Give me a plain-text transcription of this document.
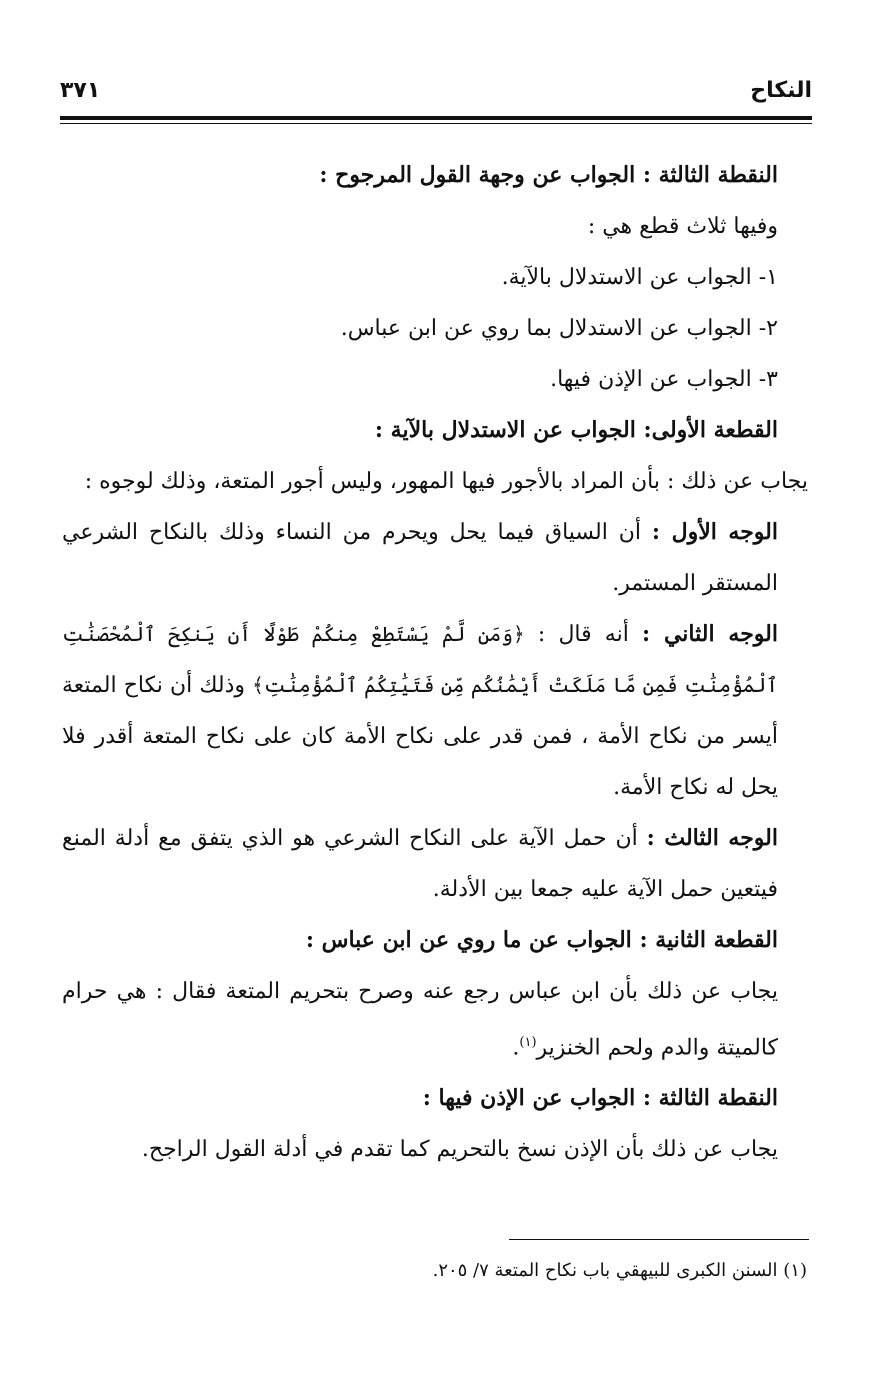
النكاح
٣٧١

النقطة الثالثة : الجواب عن وجهة القول المرجوح :

وفيها ثلاث قطع هي :

١- الجواب عن الاستدلال بالآية.

٢- الجواب عن الاستدلال بما روي عن ابن عباس.

٣- الجواب عن الإذن فيها.

القطعة الأولى: الجواب عن الاستدلال بالآية :

يجاب عن ذلك : بأن المراد بالأجور فيها المهور، وليس أجور المتعة، وذلك لوجوه :

الوجه الأول : أن السياق فيما يحل ويحرم من النساء وذلك بالنكاح الشرعي المستقر المستمر.

الوجه الثاني : أنه قال : ﴿وَمَن لَّمْ يَسْتَطِعْ مِنكُمْ طَوْلًا أَن يَنكِحَ ٱلْمُحْصَنَٰتِ ٱلْمُؤْمِنَٰتِ فَمِن مَّا مَلَكَتْ أَيْمَٰنُكُم مِّن فَتَيَٰتِكُمُ ٱلْمُؤْمِنَٰتِ﴾ وذلك أن نكاح المتعة أيسر من نكاح الأمة ، فمن قدر على نكاح الأمة كان على نكاح المتعة أقدر فلا يحل له نكاح الأمة.

الوجه الثالث : أن حمل الآية على النكاح الشرعي هو الذي يتفق مع أدلة المنع فيتعين حمل الآية عليه جمعا بين الأدلة.

القطعة الثانية : الجواب عن ما روي عن ابن عباس :

يجاب عن ذلك بأن ابن عباس رجع عنه وصرح بتحريم المتعة فقال : هي حرام كالميتة والدم ولحم الخنزير$^{(١)}$.

النقطة الثالثة : الجواب عن الإذن فيها :

يجاب عن ذلك بأن الإذن نسخ بالتحريم كما تقدم في أدلة القول الراجح.

(١) السنن الكبرى للبيهقي باب نكاح المتعة ٧/ ٢٠٥.
